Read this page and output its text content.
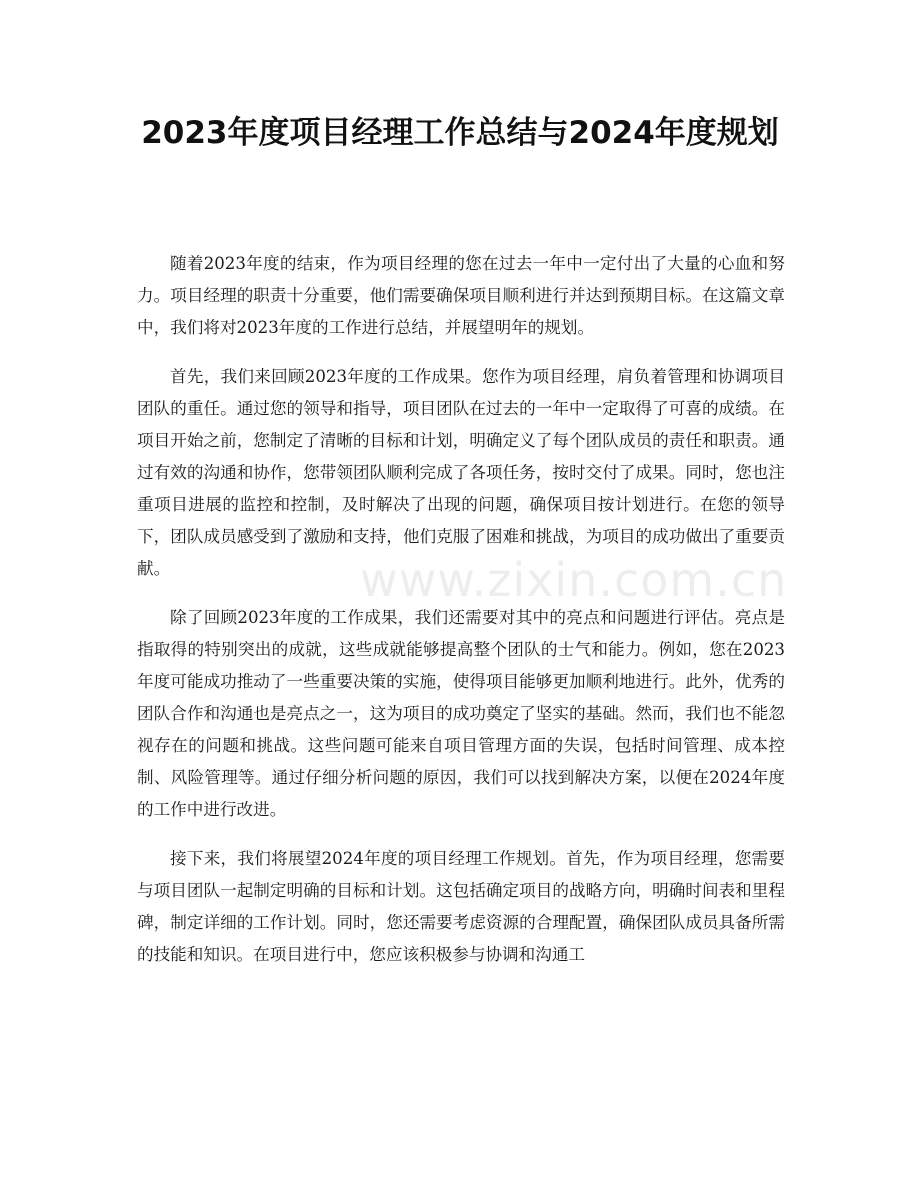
2023年度项目经理工作总结与2024年度规划

随着2023年度的结束，作为项目经理的您在过去一年中一定付出了大量的心血和努力。项目经理的职责十分重要，他们需要确保项目顺利进行并达到预期目标。在这篇文章中，我们将对2023年度的工作进行总结，并展望明年的规划。

首先，我们来回顾2023年度的工作成果。您作为项目经理，肩负着管理和协调项目团队的重任。通过您的领导和指导，项目团队在过去的一年中一定取得了可喜的成绩。在项目开始之前，您制定了清晰的目标和计划，明确定义了每个团队成员的责任和职责。通过有效的沟通和协作，您带领团队顺利完成了各项任务，按时交付了成果。同时，您也注重项目进展的监控和控制，及时解决了出现的问题，确保项目按计划进行。在您的领导下，团队成员感受到了激励和支持，他们克服了困难和挑战，为项目的成功做出了重要贡献。

除了回顾2023年度的工作成果，我们还需要对其中的亮点和问题进行评估。亮点是指取得的特别突出的成就，这些成就能够提高整个团队的士气和能力。例如，您在2023年度可能成功推动了一些重要决策的实施，使得项目能够更加顺利地进行。此外，优秀的团队合作和沟通也是亮点之一，这为项目的成功奠定了坚实的基础。然而，我们也不能忽视存在的问题和挑战。这些问题可能来自项目管理方面的失误，包括时间管理、成本控制、风险管理等。通过仔细分析问题的原因，我们可以找到解决方案，以便在2024年度的工作中进行改进。

接下来，我们将展望2024年度的项目经理工作规划。首先，作为项目经理，您需要与项目团队一起制定明确的目标和计划。这包括确定项目的战略方向，明确时间表和里程碑，制定详细的工作计划。同时，您还需要考虑资源的合理配置，确保团队成员具备所需的技能和知识。在项目进行中，您应该积极参与协调和沟通工

www.zixin.com.cn
